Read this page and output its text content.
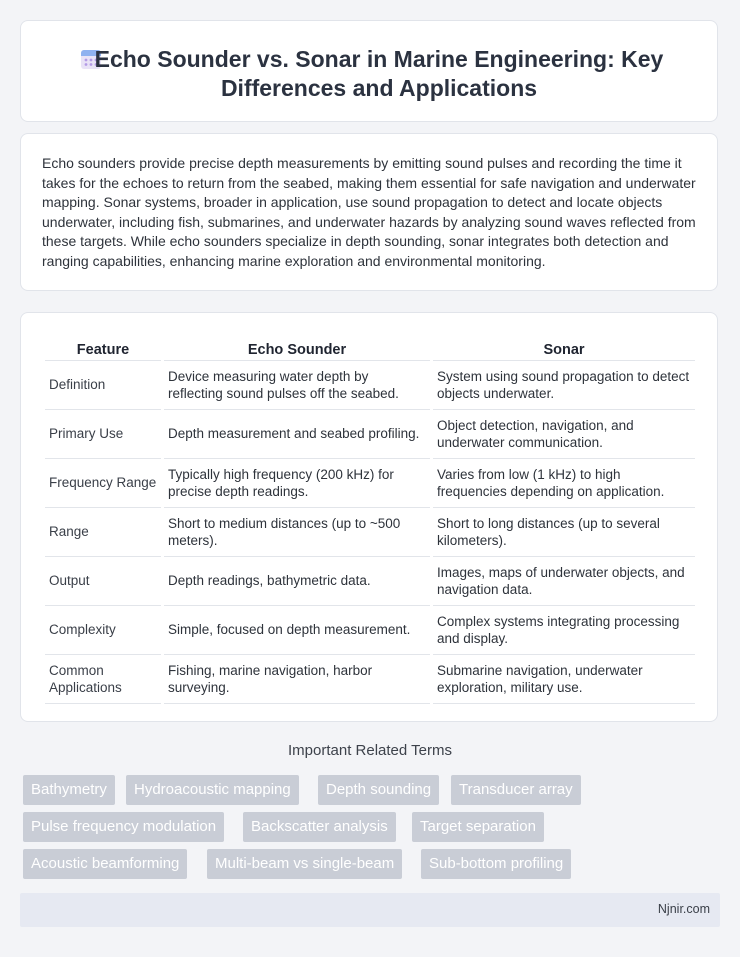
Echo Sounder vs. Sonar in Marine Engineering: Key Differences and Applications

Echo sounders provide precise depth measurements by emitting sound pulses and recording the time it takes for the echoes to return from the seabed, making them essential for safe navigation and underwater mapping. Sonar systems, broader in application, use sound propagation to detect and locate objects underwater, including fish, submarines, and underwater hazards by analyzing sound waves reflected from these targets. While echo sounders specialize in depth sounding, sonar integrates both detection and ranging capabilities, enhancing marine exploration and environmental monitoring.

Feature	Echo Sounder	Sonar
Definition	Device measuring water depth by reflecting sound pulses off the seabed.	System using sound propagation to detect objects underwater.
Primary Use	Depth measurement and seabed profiling.	Object detection, navigation, and underwater communication.
Frequency Range	Typically high frequency (200 kHz) for precise depth readings.	Varies from low (1 kHz) to high frequencies depending on application.
Range	Short to medium distances (up to ~500 meters).	Short to long distances (up to several kilometers).
Output	Depth readings, bathymetric data.	Images, maps of underwater objects, and navigation data.
Complexity	Simple, focused on depth measurement.	Complex systems integrating processing and display.
Common Applications	Fishing, marine navigation, harbor surveying.	Submarine navigation, underwater exploration, military use.
Important Related Terms
Bathymetry	Hydroacoustic mapping	Depth sounding	Transducer array
Pulse frequency modulation	Backscatter analysis	Target separation
Acoustic beamforming	Multi-beam vs single-beam	Sub-bottom profiling
Njnir.com
